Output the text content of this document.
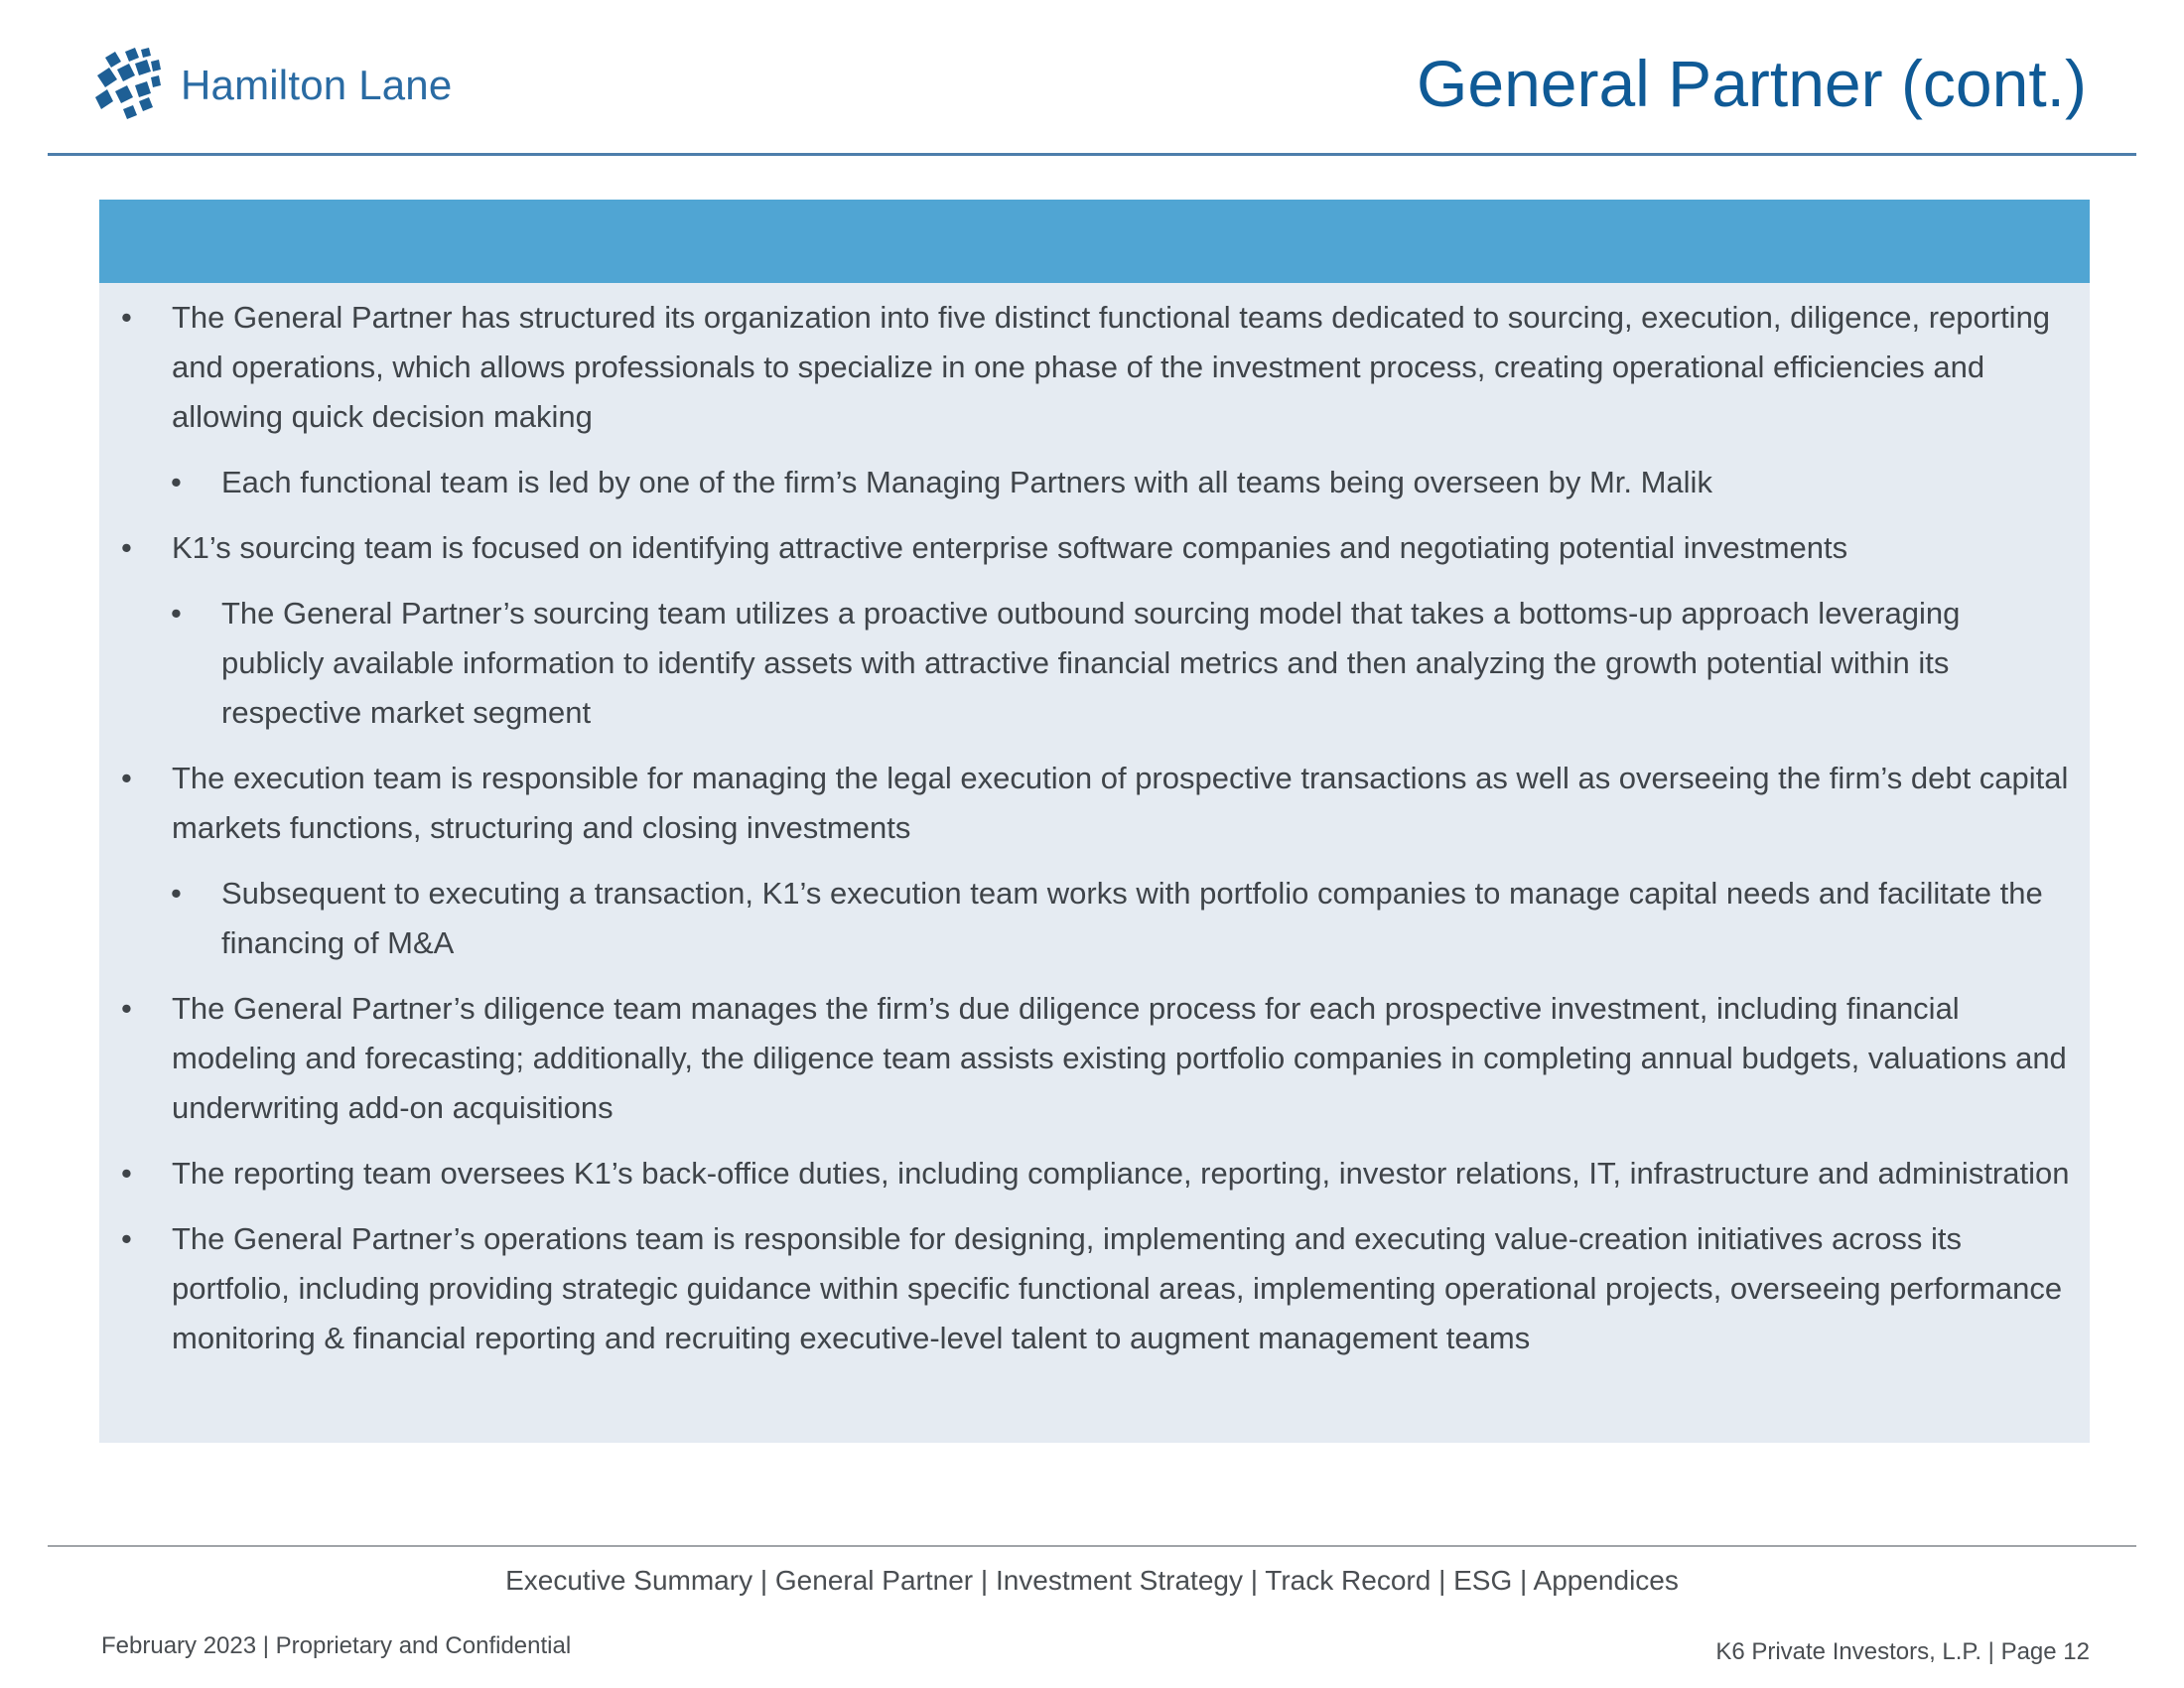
Hamilton Lane	General Partner (cont.)
• The General Partner has structured its organization into five distinct functional teams dedicated to sourcing, execution, diligence, reporting and operations, which allows professionals to specialize in one phase of the investment process, creating operational efficiencies and allowing quick decision making
• Each functional team is led by one of the firm’s Managing Partners with all teams being overseen by Mr. Malik
• K1’s sourcing team is focused on identifying attractive enterprise software companies and negotiating potential investments
• The General Partner’s sourcing team utilizes a proactive outbound sourcing model that takes a bottoms-up approach leveraging publicly available information to identify assets with attractive financial metrics and then analyzing the growth potential within its respective market segment
• The execution team is responsible for managing the legal execution of prospective transactions as well as overseeing the firm’s debt capital markets functions, structuring and closing investments
• Subsequent to executing a transaction, K1’s execution team works with portfolio companies to manage capital needs and facilitate the financing of M&A
• The General Partner’s diligence team manages the firm’s due diligence process for each prospective investment, including financial modeling and forecasting; additionally, the diligence team assists existing portfolio companies in completing annual budgets, valuations and underwriting add-on acquisitions
• The reporting team oversees K1’s back-office duties, including compliance, reporting, investor relations, IT, infrastructure and administration
• The General Partner’s operations team is responsible for designing, implementing and executing value-creation initiatives across its portfolio, including providing strategic guidance within specific functional areas, implementing operational projects, overseeing performance monitoring & financial reporting and recruiting executive-level talent to augment management teams
Executive Summary | General Partner | Investment Strategy | Track Record | ESG | Appendices
February 2023 | Proprietary and Confidential	K6 Private Investors, L.P. | Page 12
